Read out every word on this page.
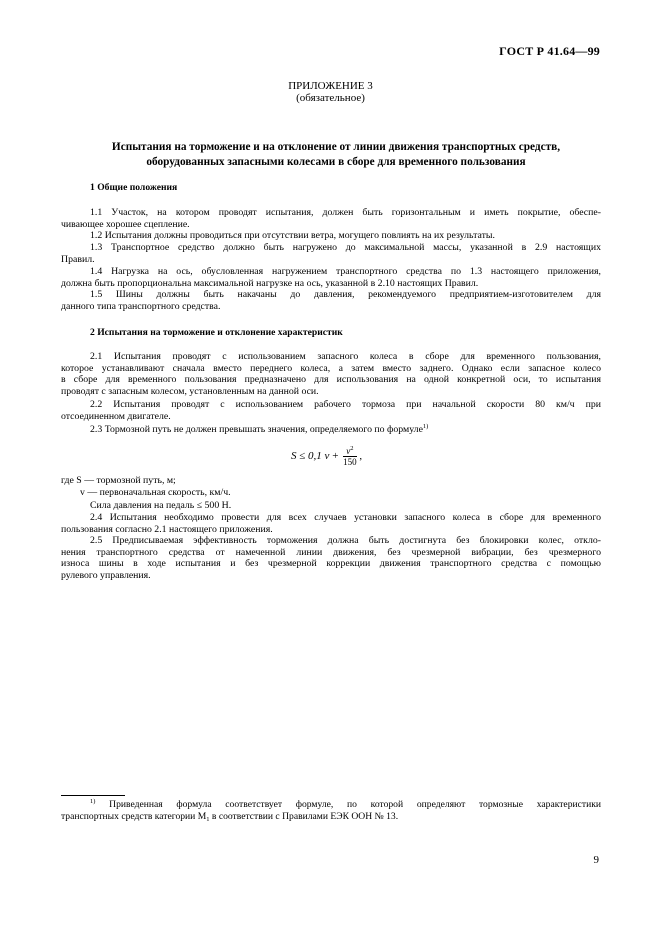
ГОСТ Р 41.64—99
ПРИЛОЖЕНИЕ 3
(обязательное)
Испытания на торможение и на отклонение от линии движения транспортных средств,
оборудованных запасными колесами в сборе для временного пользования
1 Общие положения
1.1 Участок, на котором проводят испытания, должен быть горизонтальным и иметь покрытие, обеспе-
чивающее хорошее сцепление.
1.2 Испытания должны проводиться при отсутствии ветра, могущего повлиять на их результаты.
1.3 Транспортное средство должно быть нагружено до максимальной массы, указанной в 2.9 настоящих
Правил.
1.4 Нагрузка на ось, обусловленная нагружением транспортного средства по 1.3 настоящего приложения,
должна быть пропорциональна максимальной нагрузке на ось, указанной в 2.10 настоящих Правил.
1.5 Шины должны быть накачаны до давления, рекомендуемого предприятием-изготовителем для
данного типа транспортного средства.
2 Испытания на торможение и отклонение характеристик
2.1 Испытания проводят с использованием запасного колеса в сборе для временного пользования,
которое устанавливают сначала вместо переднего колеса, а затем вместо заднего. Однако если запасное колесо
в сборе для временного пользования предназначено для использования на одной конкретной оси, то испытания
проводят с запасным колесом, установленным на данной оси.
2.2 Испытания проводят с использованием рабочего тормоза при начальной скорости 80 км/ч при
отсоединенном двигателе.
2.3 Тормозной путь не должен превышать значения, определяемого по формуле$^{1)}$
S ≤ 0,1 $v + \frac{v^2}{150}$ ,
где S — тормозной путь, м;
v — первоначальная скорость, км/ч.
Сила давления на педаль ≤ 500 Н.
2.4 Испытания необходимо провести для всех случаев установки запасного колеса в сборе для временного
пользования согласно 2.1 настоящего приложения.
2.5 Предписываемая эффективность торможения должна быть достигнута без блокировки колес, откло-
нения транспортного средства от намеченной линии движения, без чрезмерной вибрации, без чрезмерного
износа шины в ходе испытания и без чрезмерной коррекции движения транспортного средства с помощью
рулевого управления.
$^{1)}$ Приведенная формула соответствует формуле, по которой определяют тормозные характеристики
транспортных средств категории $M_1$ в соответствии с Правилами ЕЭК ООН № 13.
9
